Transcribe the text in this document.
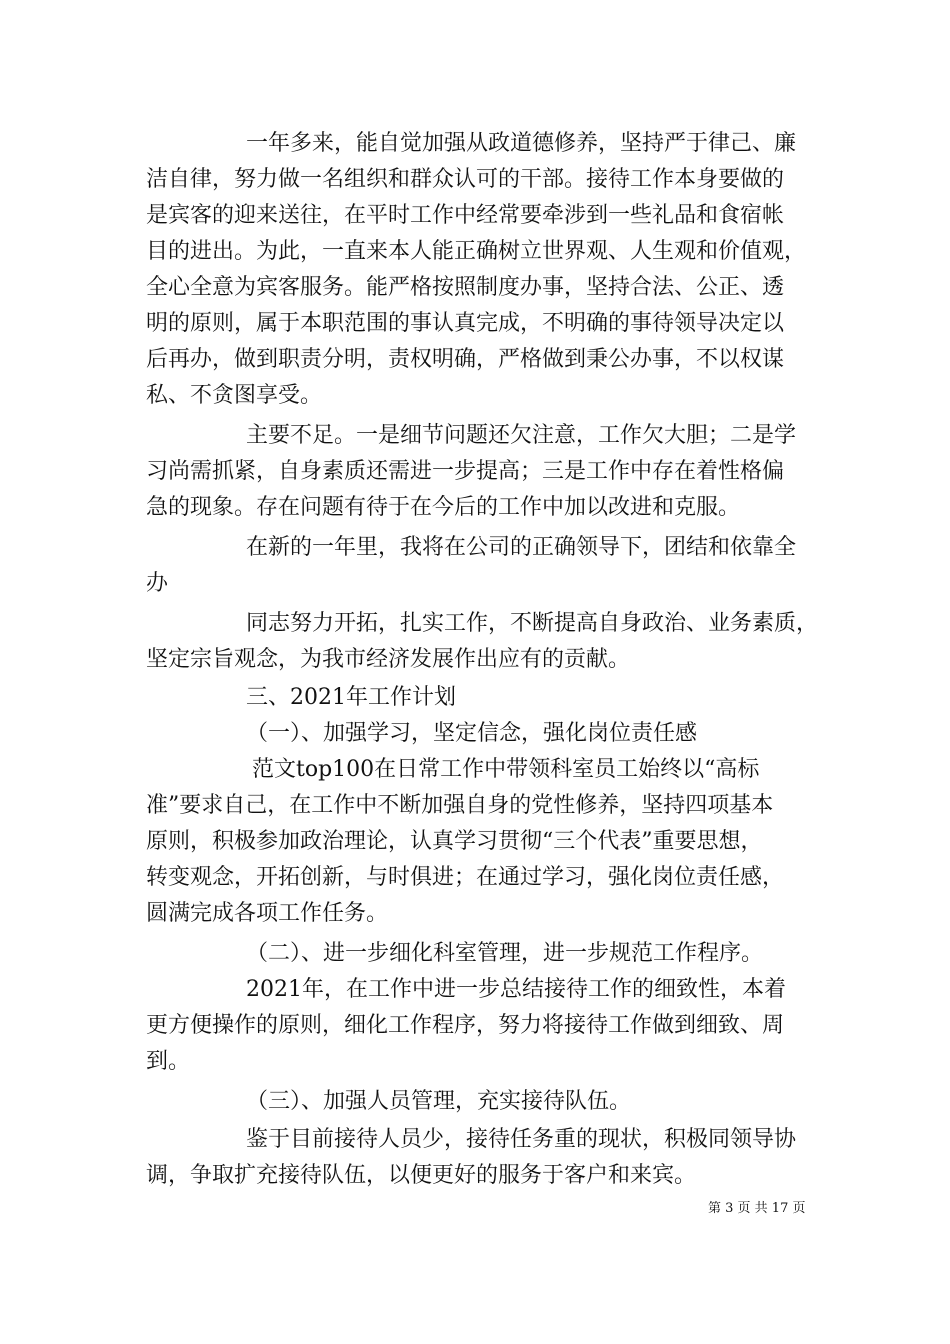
一年多来，能自觉加强从政道德修养，坚持严于律己、廉
洁自律，努力做一名组织和群众认可的干部。接待工作本身要做的
是宾客的迎来送往，在平时工作中经常要牵涉到一些礼品和食宿帐
目的进出。为此，一直来本人能正确树立世界观、人生观和价值观，
全心全意为宾客服务。能严格按照制度办事，坚持合法、公正、透
明的原则，属于本职范围的事认真完成，不明确的事待领导决定以
后再办，做到职责分明，责权明确，严格做到秉公办事，不以权谋
私、不贪图享受。
主要不足。一是细节问题还欠注意，工作欠大胆；二是学
习尚需抓紧，自身素质还需进一步提高；三是工作中存在着性格偏
急的现象。存在问题有待于在今后的工作中加以改进和克服。
在新的一年里，我将在公司的正确领导下，团结和依靠全
办
同志努力开拓，扎实工作，不断提高自身政治、业务素质，
坚定宗旨观念，为我市经济发展作出应有的贡献。
三、2021年工作计划
（一）、加强学习，坚定信念，强化岗位责任感
范文top100在日常工作中带领科室员工始终以“高标
准”要求自己，在工作中不断加强自身的党性修养，坚持四项基本
原则，积极参加政治理论，认真学习贯彻“三个代表”重要思想，
转变观念，开拓创新，与时俱进；在通过学习，强化岗位责任感，
圆满完成各项工作任务。
（二）、进一步细化科室管理，进一步规范工作程序。
2021年，在工作中进一步总结接待工作的细致性，本着
更方便操作的原则，细化工作程序，努力将接待工作做到细致、周
到。
（三）、加强人员管理，充实接待队伍。
鉴于目前接待人员少，接待任务重的现状，积极同领导协
调，争取扩充接待队伍，以便更好的服务于客户和来宾。
第 3 页 共 17 页
